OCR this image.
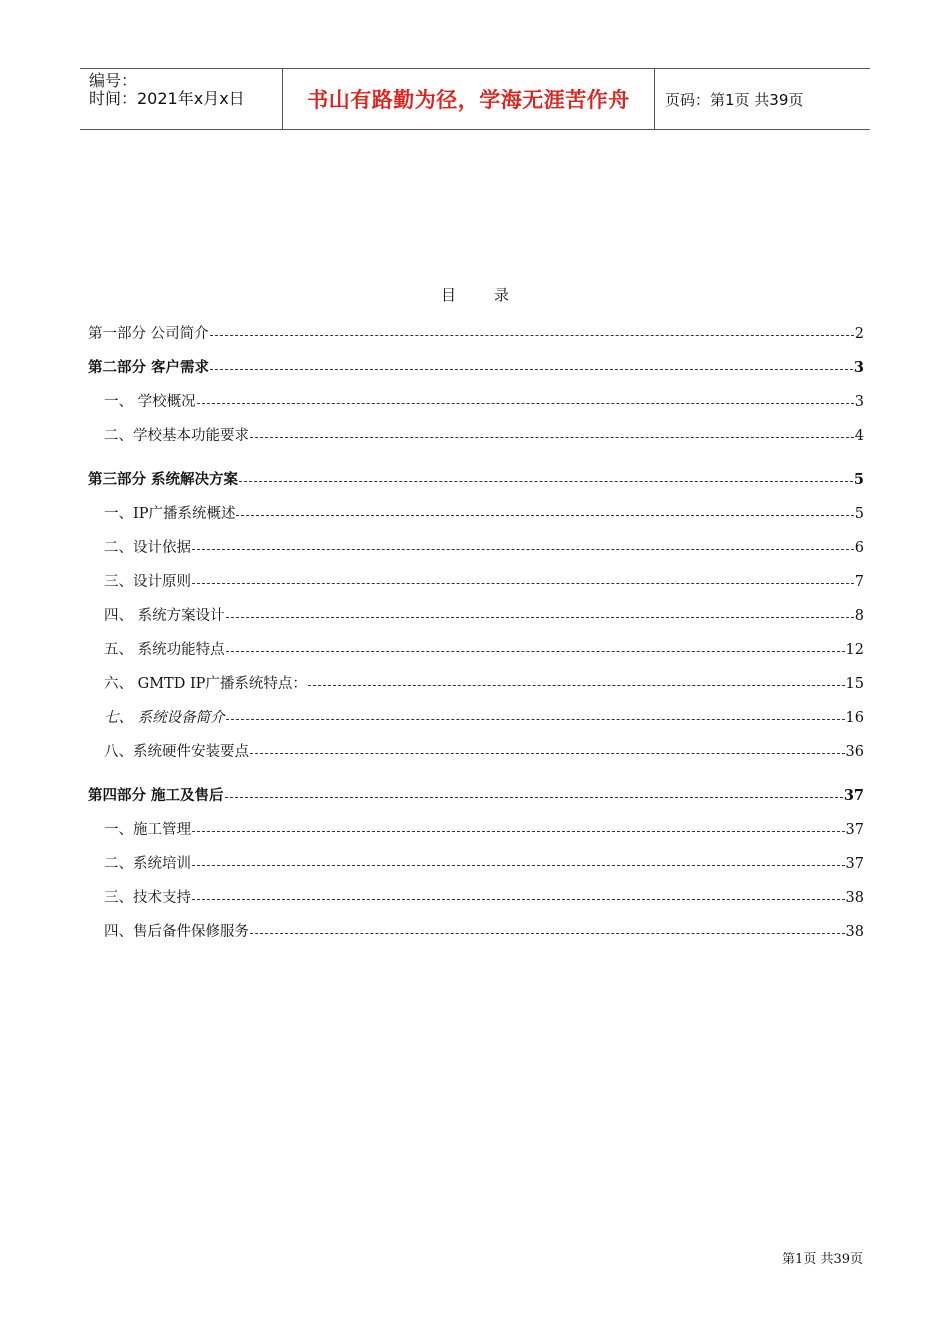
编号：
时间：2021年x月x日	书山有路勤为径，学海无涯苦作舟 页码：第1页 共39页
目	录
第一部分 公司简介	2
第二部分 客户需求	3
一、 学校概况	3
二、学校基本功能要求	4
第三部分 系统解决方案	5
一、IP广播系统概述	5
二、设计依据	6
三、设计原则	7
四、 系统方案设计	8
五、 系统功能特点	12
六、 GMTD IP广播系统特点：	15
七、 系统设备简介	16
八、系统硬件安装要点	36
第四部分 施工及售后	37
一、施工管理	37
二、系统培训	37
三、技术支持	38
四、售后备件保修服务	38
第1页 共39页
